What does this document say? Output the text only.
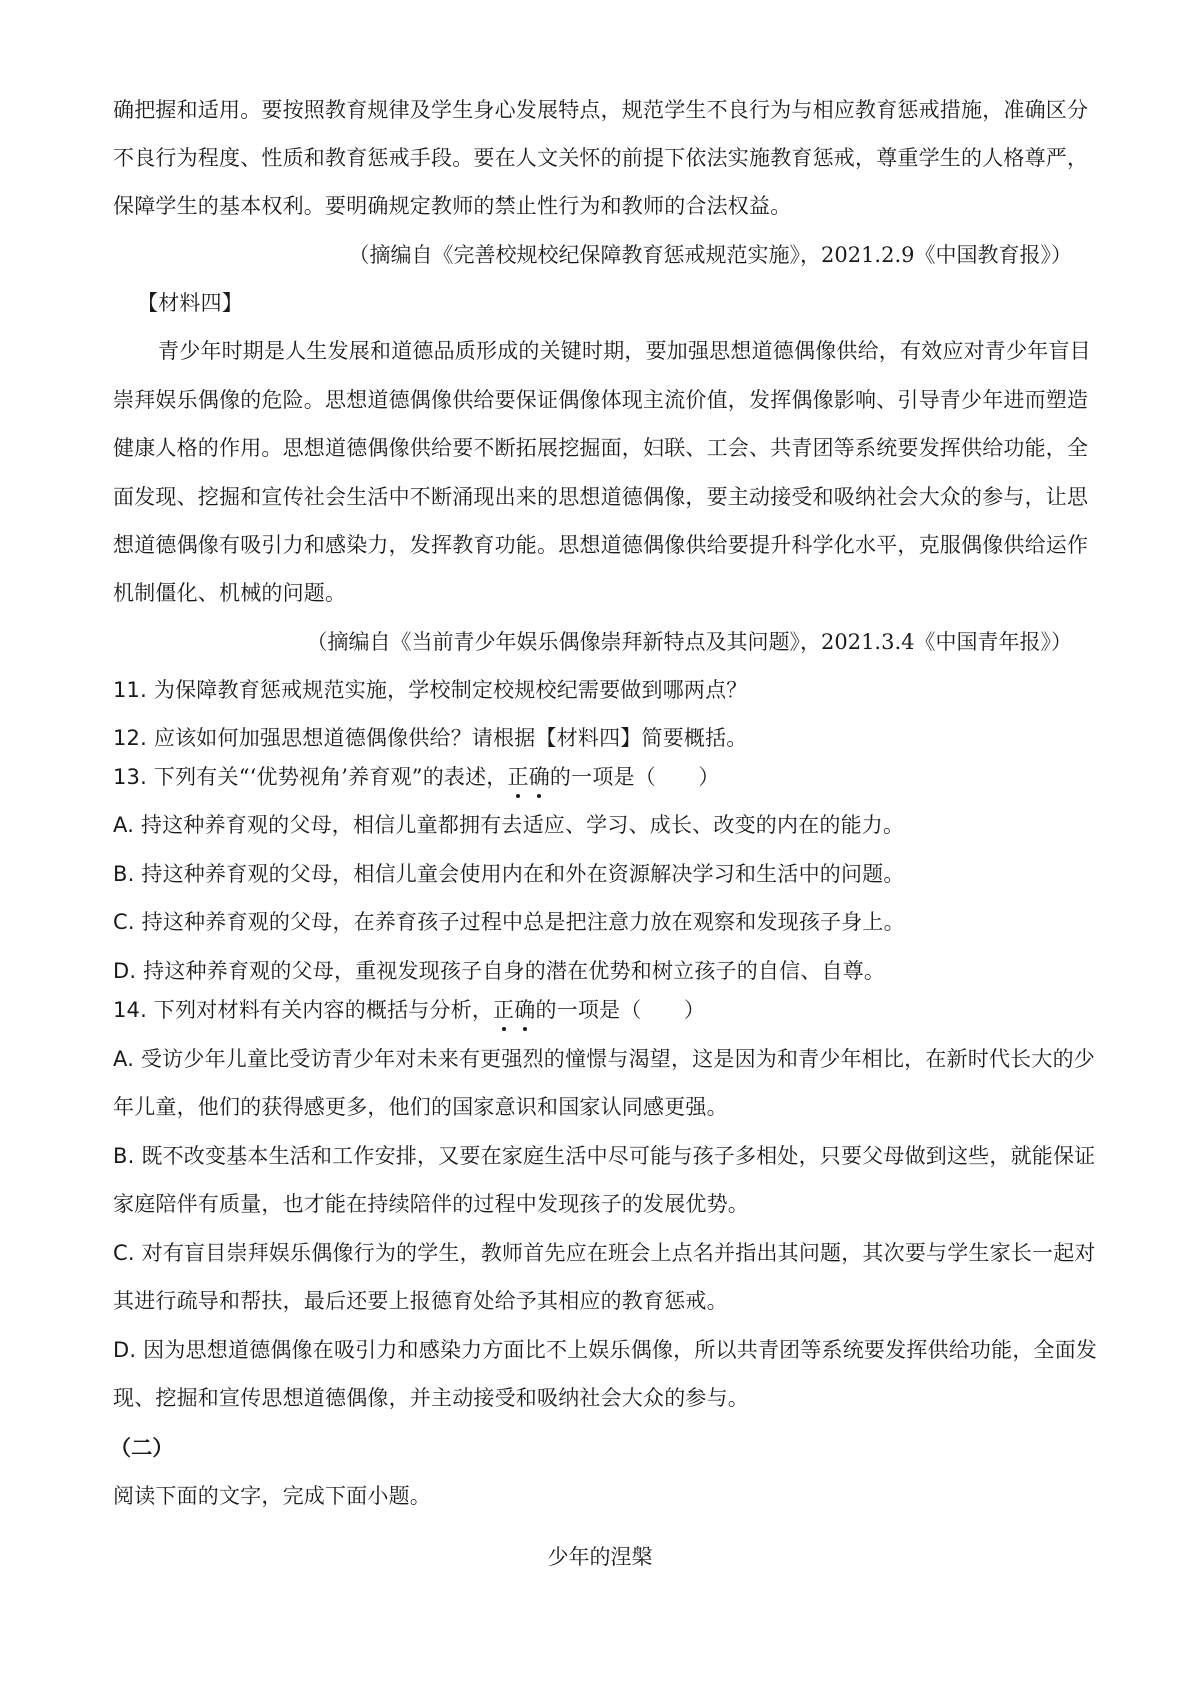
确把握和适用。要按照教育规律及学生身心发展特点，规范学生不良行为与相应教育惩戒措施，准确区分
不良行为程度、性质和教育惩戒手段。要在人文关怀的前提下依法实施教育惩戒，尊重学生的人格尊严，
保障学生的基本权利。要明确规定教师的禁止性行为和教师的合法权益。
（摘编自《完善校规校纪保障教育惩戒规范实施》，2021.2.9《中国教育报》）
【材料四】
青少年时期是人生发展和道德品质形成的关键时期，要加强思想道德偶像供给，有效应对青少年盲目
崇拜娱乐偶像的危险。思想道德偶像供给要保证偶像体现主流价值，发挥偶像影响、引导青少年进而塑造
健康人格的作用。思想道德偶像供给要不断拓展挖掘面，妇联、工会、共青团等系统要发挥供给功能，全
面发现、挖掘和宣传社会生活中不断涌现出来的思想道德偶像，要主动接受和吸纳社会大众的参与，让思
想道德偶像有吸引力和感染力，发挥教育功能。思想道德偶像供给要提升科学化水平，克服偶像供给运作
机制僵化、机械的问题。
（摘编自《当前青少年娱乐偶像崇拜新特点及其问题》，2021.3.4《中国青年报》）
11. 为保障教育惩戒规范实施，学校制定校规校纪需要做到哪两点？
12. 应该如何加强思想道德偶像供给？请根据【材料四】简要概括。
13. 下列有关“‘优势视角’养育观”的表述，正确的一项是（　　）
A. 持这种养育观的父母，相信儿童都拥有去适应、学习、成长、改变的内在的能力。
B. 持这种养育观的父母，相信儿童会使用内在和外在资源解决学习和生活中的问题。
C. 持这种养育观的父母，在养育孩子过程中总是把注意力放在观察和发现孩子身上。
D. 持这种养育观的父母，重视发现孩子自身的潜在优势和树立孩子的自信、自尊。
14. 下列对材料有关内容的概括与分析，正确的一项是（　　）
A. 受访少年儿童比受访青少年对未来有更强烈的憧憬与渴望，这是因为和青少年相比，在新时代长大的少
年儿童，他们的获得感更多，他们的国家意识和国家认同感更强。
B. 既不改变基本生活和工作安排，又要在家庭生活中尽可能与孩子多相处，只要父母做到这些，就能保证
家庭陪伴有质量，也才能在持续陪伴的过程中发现孩子的发展优势。
C. 对有盲目崇拜娱乐偶像行为的学生，教师首先应在班会上点名并指出其问题，其次要与学生家长一起对
其进行疏导和帮扶，最后还要上报德育处给予其相应的教育惩戒。
D. 因为思想道德偶像在吸引力和感染力方面比不上娱乐偶像，所以共青团等系统要发挥供给功能，全面发
现、挖掘和宣传思想道德偶像，并主动接受和吸纳社会大众的参与。
（二）
阅读下面的文字，完成下面小题。
少年的涅槃
